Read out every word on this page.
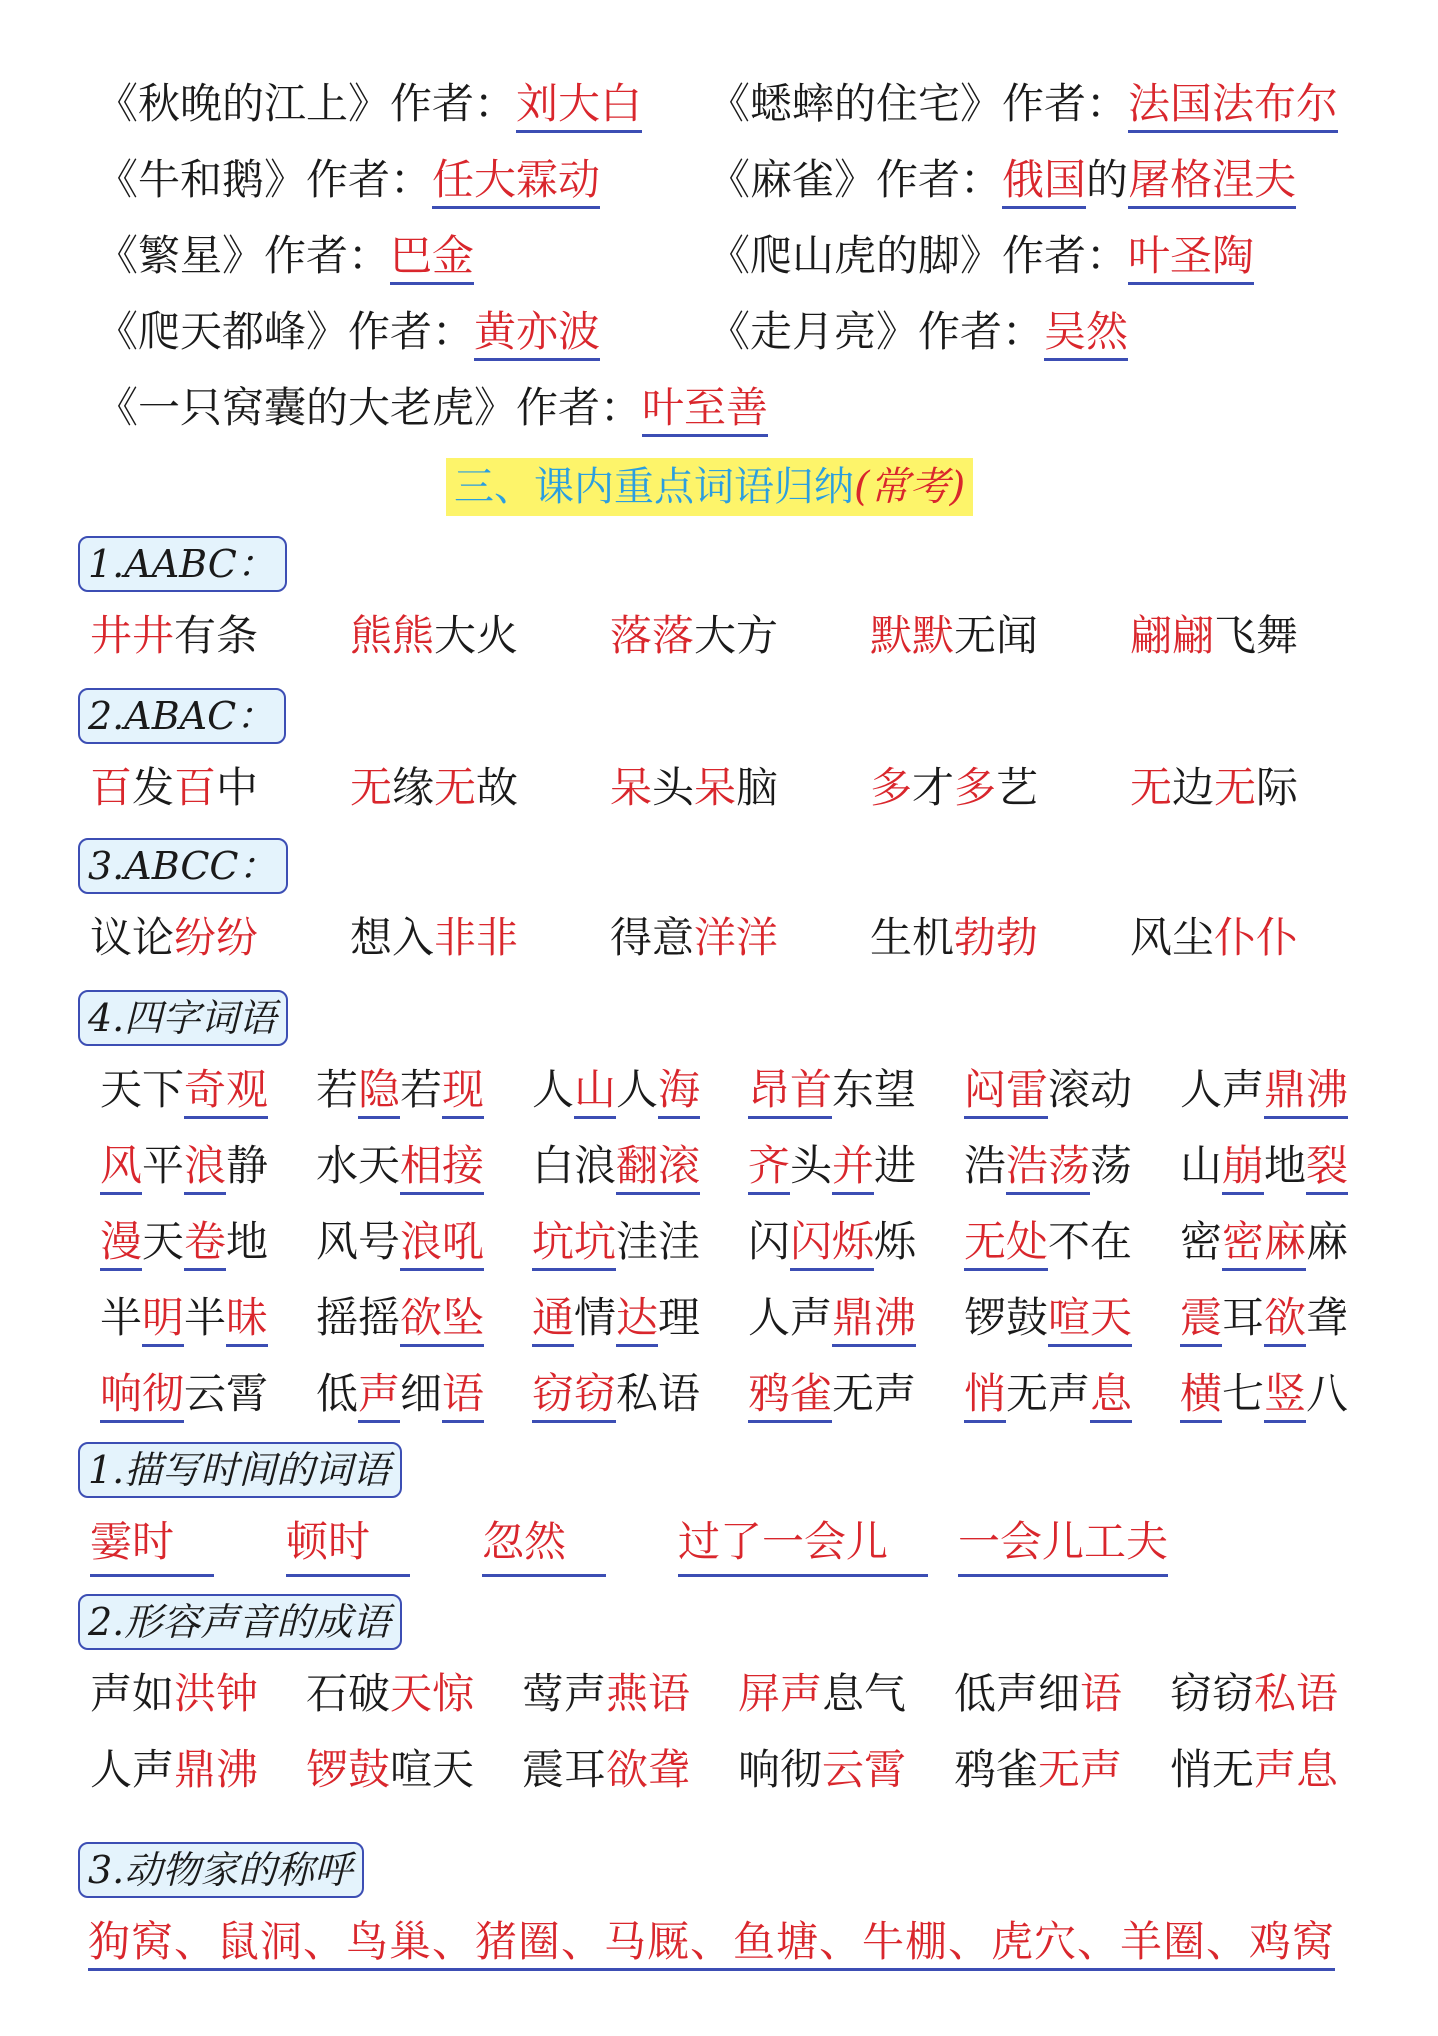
《秋晚的江上》作者：刘大白 《蟋蟀的住宅》作者：法国法布尔
《牛和鹅》作者：任大霖动	《麻雀》作者：俄国的屠格涅夫
《繁星》作者：巴金	《爬山虎的脚》作者：叶圣陶
《爬天都峰》作者：黄亦波	《走月亮》作者：吴然
《一只窝囊的大老虎》作者：叶至善
三、课内重点词语归纳(常考)
1.AABC：
井井有条 熊熊大火 落落大方 默默无闻 翩翩飞舞
2.ABAC：
百发百中 无缘无故 呆头呆脑 多才多艺 无边无际
3.ABCC：
议论纷纷 想入非非 得意洋洋 生机勃勃 风尘仆仆
4.四字词语
天下奇观 若隐若现 人山人海 昂首东望 闷雷滚动 人声鼎沸
风平浪静 水天相接 白浪翻滚 齐头并进 浩浩荡荡 山崩地裂
漫天卷地 风号浪吼 坑坑洼洼 闪闪烁烁 无处不在 密密麻麻
半明半昧 摇摇欲坠 通情达理 人声鼎沸 锣鼓喧天 震耳欲聋
响彻云霄 低声细语 窃窃私语 鸦雀无声 悄无声息 横七竖八
1.描写时间的词语
2.形容声音的成语
声如洪钟 石破天惊 莺声燕语 屏声息气 低声细语 窃窃私语
人声鼎沸 锣鼓喧天 震耳欲聋 响彻云霄 鸦雀无声 悄无声息
3.动物家的称呼
霎时	顿时	忽然	过了一会儿	一会儿工夫
狗窝、鼠洞、鸟巢、猪圈、马厩、鱼塘、牛棚、虎穴、羊圈、鸡窝
